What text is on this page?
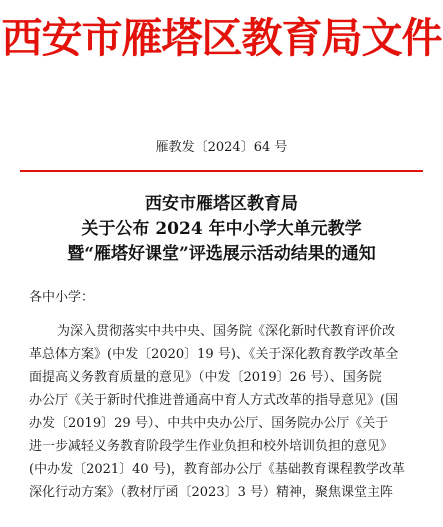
西安市雁塔区教育局文件
雁教发〔2024〕64 号
西安市雁塔区教育局
关于公布 2024 年中小学大单元教学
暨“雁塔好课堂”评选展示活动结果的通知
各中小学：
为深入贯彻落实中共中央、国务院《深化新时代教育评价改
革总体方案》(中发〔2020〕19 号)、《关于深化教育教学改革全
面提高义务教育质量的意见》（中发〔2019〕26 号）、国务院
办公厅《关于新时代推进普通高中育人方式改革的指导意见》(国
办发〔2019〕29 号）、中共中央办公厅、国务院办公厅《关于
进一步减轻义务教育阶段学生作业负担和校外培训负担的意见》
(中办发〔2021〕40 号)，教育部办公厅《基础教育课程教学改革
深化行动方案》（教材厅函〔2023〕3 号）精神，聚焦课堂主阵
